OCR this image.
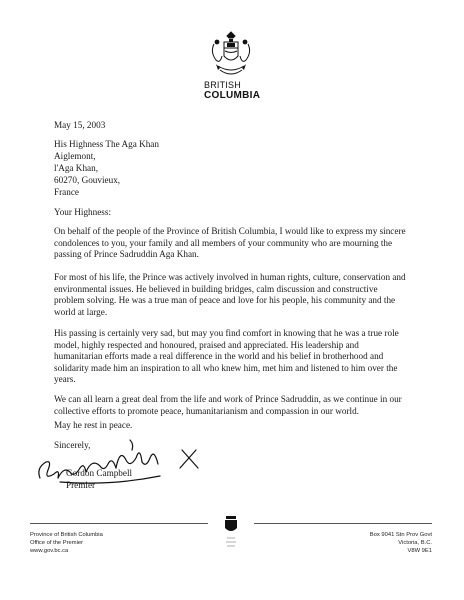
BRITISH
COLUMBIA
May 15, 2003
His Highness The Aga Khan
Aiglemont,
l'Aga Khan,
60270, Gouvieux,
France
Your Highness:

On behalf of the people of the Province of British Columbia, I would like to express my sincere

condolences to you, your family and all members of your community who are mourning the

passing of Prince Sadruddin Aga Khan.

For most of his life, the Prince was actively involved in human rights, culture, conservation and

environmental issues. He believed in building bridges, calm discussion and constructive

problem solving. He was a true man of peace and love for his people, his community and the

world at large.

His passing is certainly very sad, but may you find comfort in knowing that he was a true role

model, highly respected and honoured, praised and appreciated. His leadership and

humanitarian efforts made a real difference in the world and his belief in brotherhood and

solidarity made him an inspiration to all who knew him, met him and listened to him over the

years.

We can all learn a great deal from the life and work of Prince Sadruddin, as we continue in our

collective efforts to promote peace, humanitarianism and compassion in our world.

May he rest in peace.
Sincerely,
Gordon Campbell
Premier
Province of British Columbia
Office of the Premier
www.gov.bc.ca
Box 9041 Stn Prov Govt
Victoria, B.C.
V8W 9E1
